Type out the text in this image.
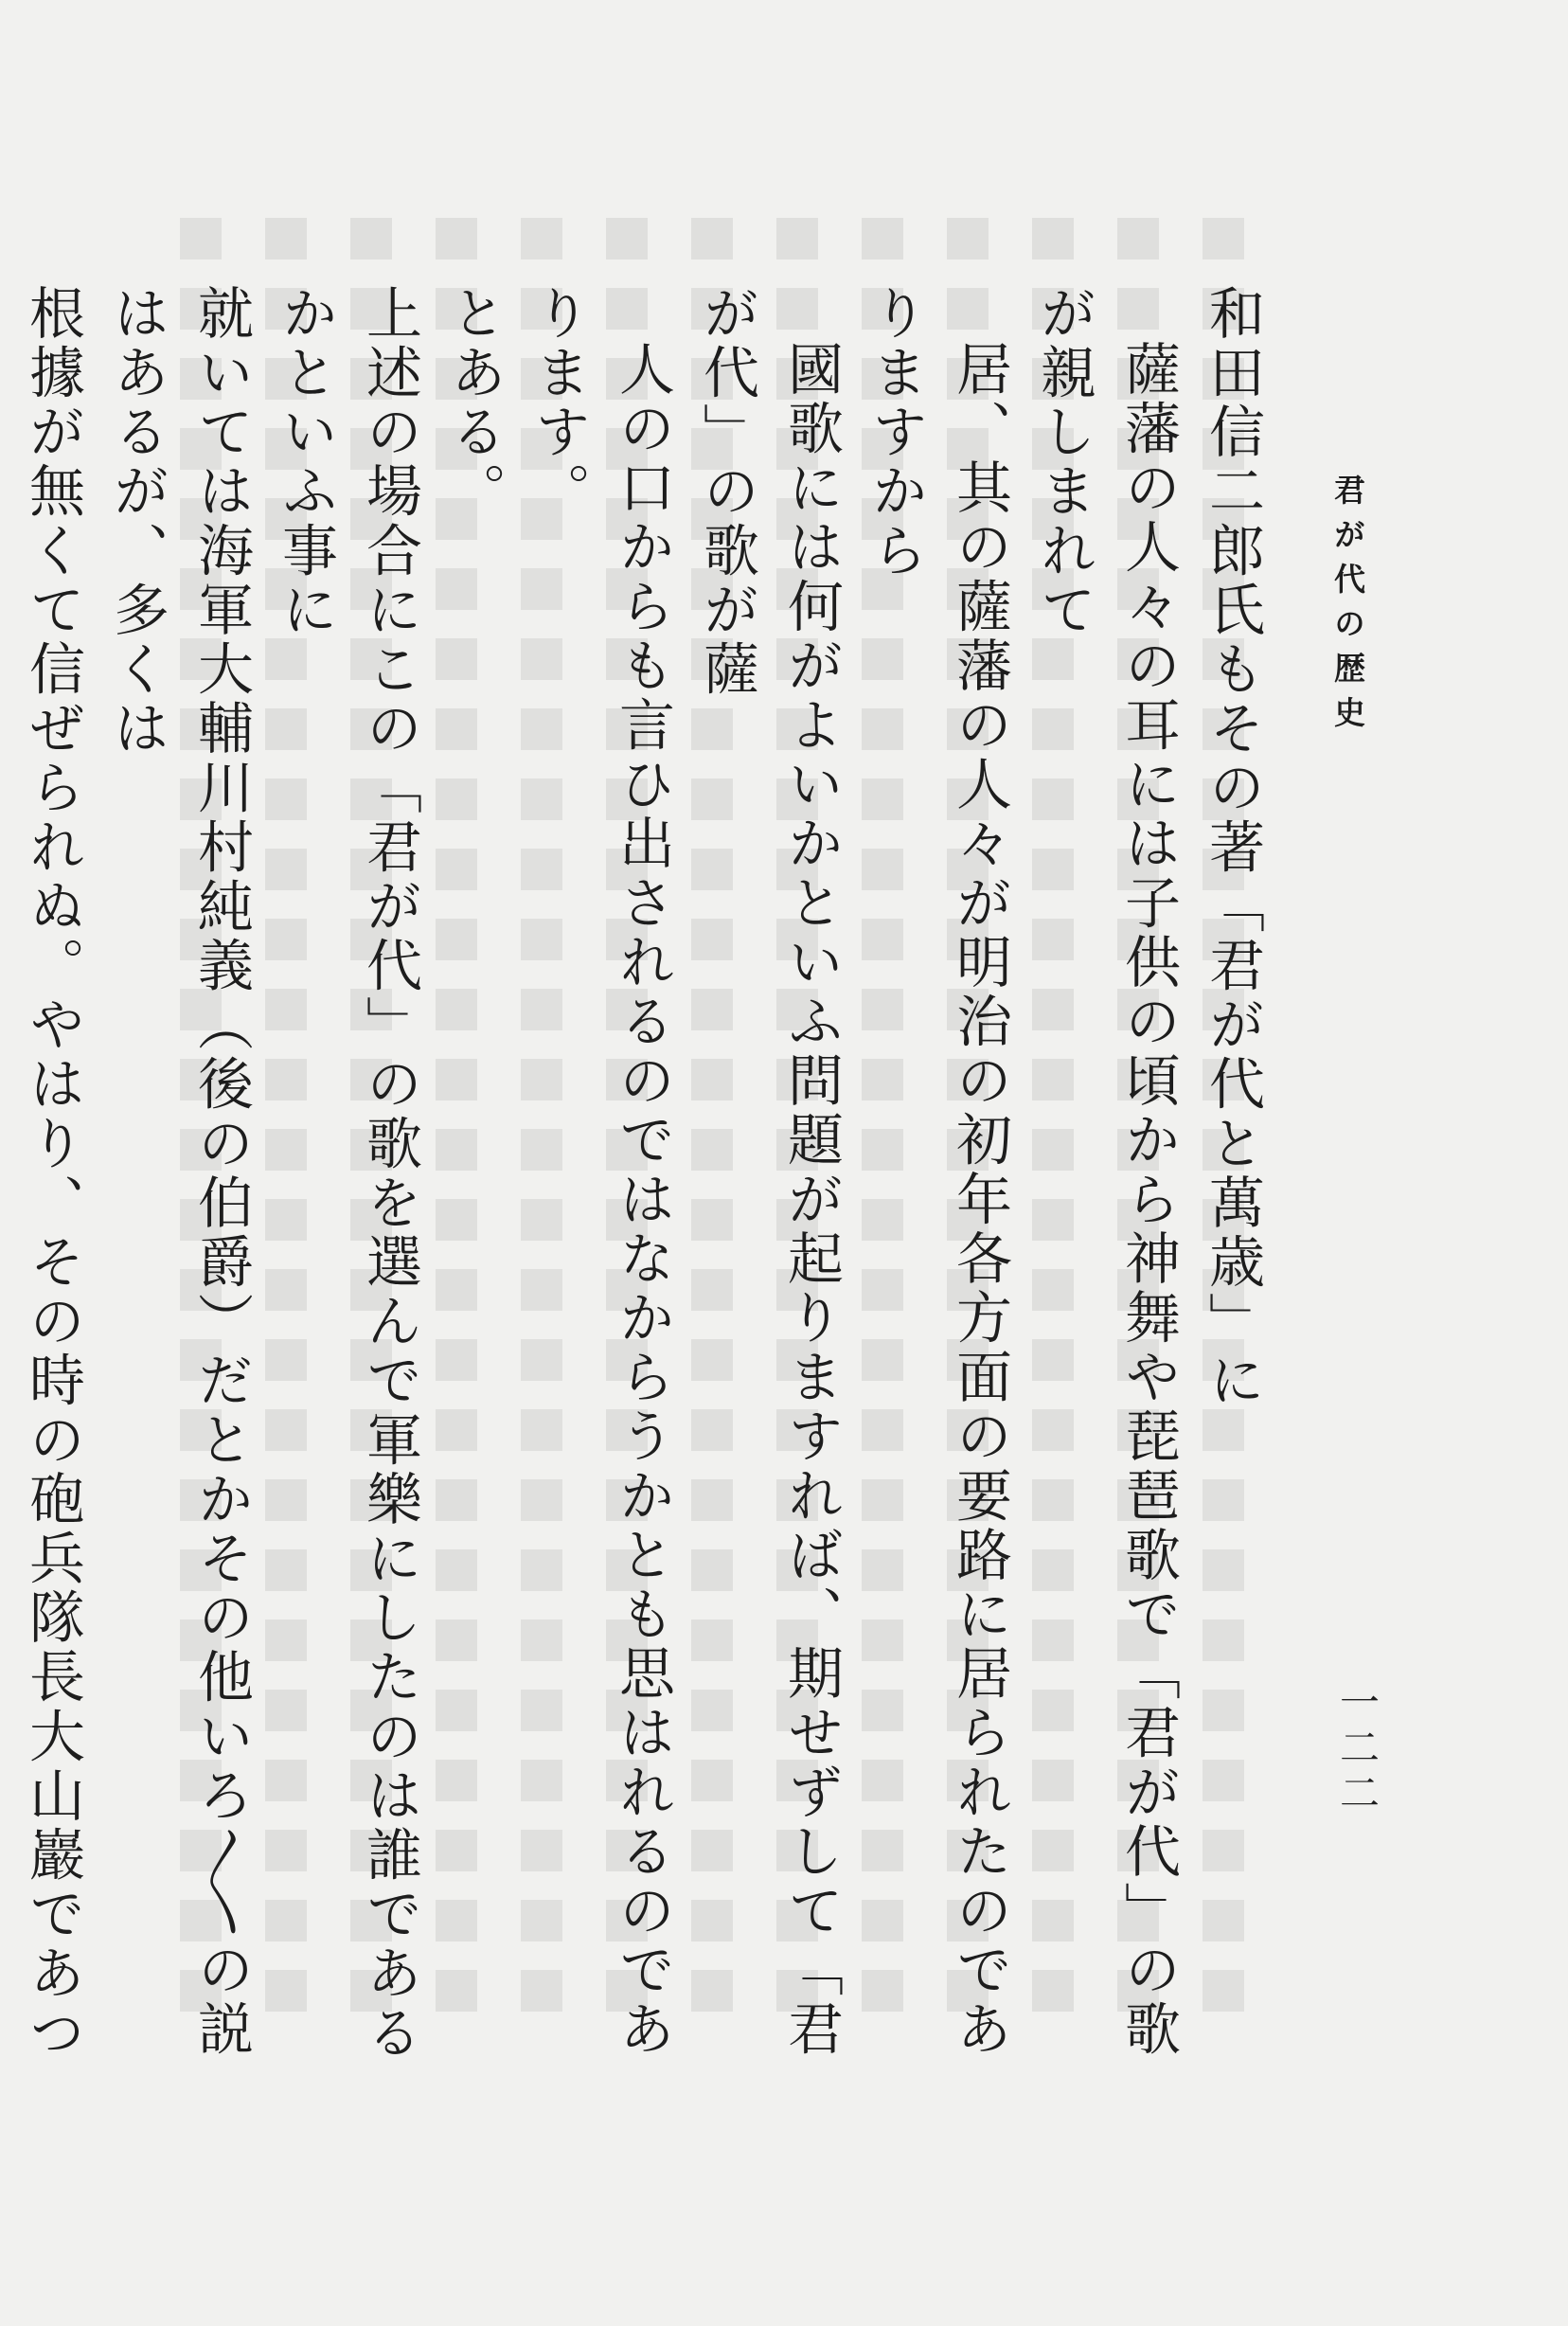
君が代の歴史
一二二

和田信二郎氏もその著「君が代と萬歳」に

薩藩の人々の耳には子供の頃から神舞や琵琶歌で「君が代」の歌が親しまれて

居、其の薩藩の人々が明治の初年各方面の要路に居られたのでありますから

國歌には何がよいかといふ問題が起りますれば、期せずして「君が代」の歌が薩

人の口からも言ひ出されるのではなからうかとも思はれるのであります。

とある。

上述の場合にこの「君が代」の歌を選んで軍樂にしたのは誰であるかといふ事に

就いては海軍大輔川村純義（後の伯爵）だとかその他いろ〳〵の説はあるが、多くは

根據が無くて信ぜられぬ。やはり、その時の砲兵隊長大山巖であつ
